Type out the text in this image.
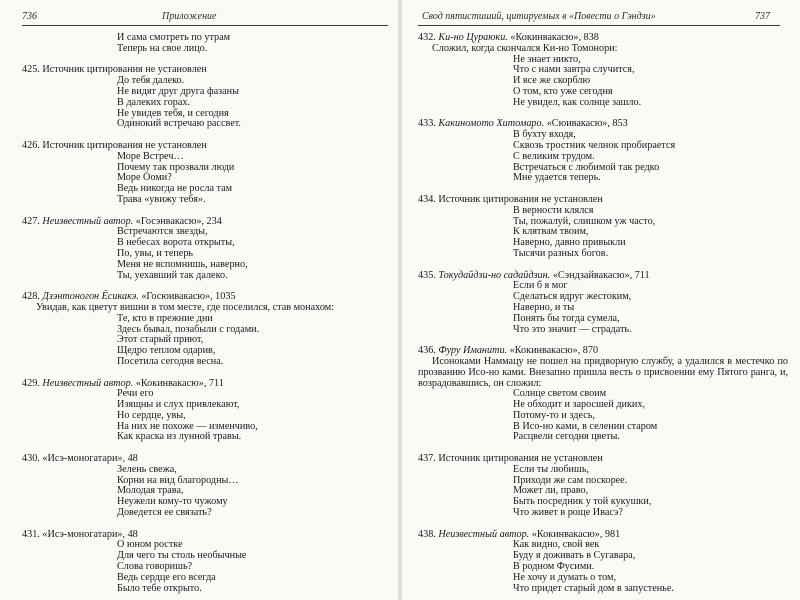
736	Приложение
И сама смотреть по утрам
Теперь на свое лицо.
425. Источник цитирования не установлен
До тебя далеко.
Не видят друг друга фазаны
В далеких горах.
Не увидев тебя, и сегодня
Одинокий встречаю рассвет.
426. Источник цитирования не установлен
Море Встреч…
Почему так прозвали люди
Море Ооми?
Ведь никогда не росла там
Трава «увижу тебя».
427. Неизвестный автор. «Госэнвакасю», 234
Встречаются звезды,
В небесах ворота открыты,
По, увы, и теперь
Меня не вспомнишь, наверно,
Ты, уехавший так далеко.
428. Дзэнтоногон Ёсикакэ. «Госюивакасю», 1035

Увидав, как цветут вишни в том месте, где поселился, став монахом:

Те, кто в прежние дни
Здесь бывал, позабыли с годами.
Этот старый приют,
Щедро теплом одарив,
Посетила сегодня весна.
429. Неизвестный автор. «Кокинвакасю», 711
Речи его
Изящны и слух привлекают,
Но сердце, увы,
На них не похоже — изменчиво,
Как краска из лунной травы.
430. «Исэ-моногатари», 48
Зелень свежа,
Корни на вид благородны…
Молодая трава,
Неужели кому-то чужому
Доведется ее связать?
431. «Исэ-моногатари», 48
О юном ростке
Для чего ты столь необычные
Слова говоришь?
Ведь сердце его всегда
Было тебе открыто.
Свод пятистиший, цитируемых в «Повести о Гэндзи»	737
432. Ки-но Цураюки. «Кокинвакасю», 838

Сложил, когда скончался Ки-но Томонори:

Не знает никто,
Что с нами завтра случится,
И все же скорблю
О том, кто уже сегодня
Не увидел, как солнце зашло.
433. Какиномото Хитомаро. «Сюивакасю», 853
В бухту входя,
Сквозь тростник челнок пробирается
С великим трудом.
Встречаться с любимой так редко
Мне удается теперь.
434. Источник цитирования не установлен
В верности клялся
Ты, пожалуй, слишком уж часто,
К клятвам твоим,
Наверно, давно привыкли
Тысячи разных богов.
435. Токудайдзи-но садайдзин. «Сэндзайвакасю», 711
Если б я мог
Сделаться вдруг жестоким,
Наверно, и ты
Понять бы тогда сумела,
Что это значит — страдать.
436. Фуру Иманити. «Кокинвакасю», 870

Исоноками Наммацу не пошел на придворную службу, а удалился в местечко по прозванию Исо-но ками. Внезапно пришла весть о присвоении ему Пятого ранга, и, возрадовавшись, он сложил:

Солнце светом своим
Не обходит и заросшей диких,
Потому-то и здесь,
В Исо-но ками, в селении старом
Расцвели сегодня цветы.
437. Источник цитирования не установлен
Если ты любишь,
Приходи же сам поскорее.
Может ли, право,
Быть посредник у той кукушки,
Что живет в роще Ивасэ?
438. Неизвестный автор. «Кокинвакасю», 981
Как видно, свой век
Буду я доживать в Сугавара,
В родном Фусими.
Не хочу и думать о том,
Что придет старый дом в запустенье.
